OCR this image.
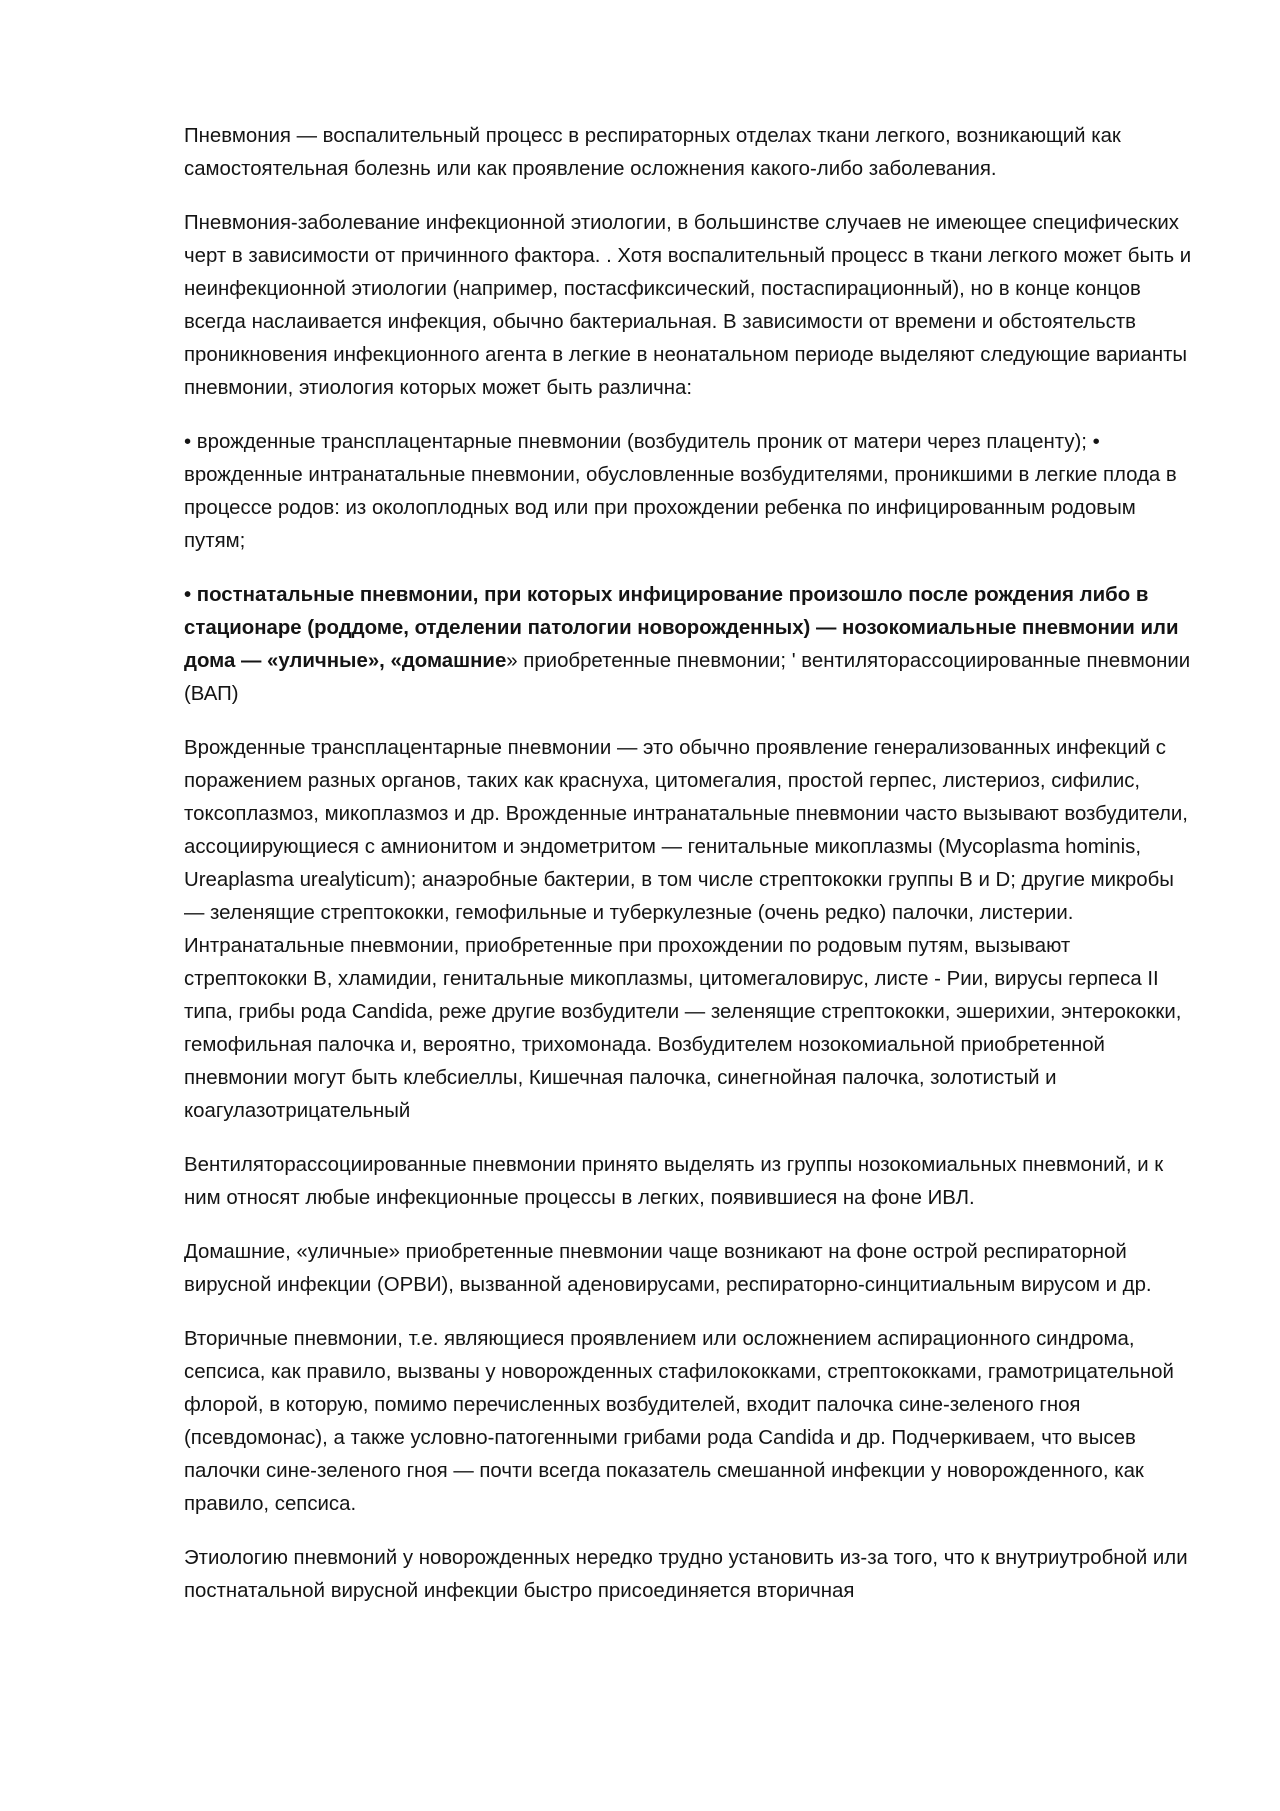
Пневмония — воспалительный процесс в респираторных отделах ткани легкого, возникающий как самостоятельная болезнь или как проявление осложнения какого-либо заболевания.

Пневмония-заболевание инфекционной этиологии, в большинстве случаев не имеющее специфических черт в зависимости от причинного фактора. . Хотя воспалительный процесс в ткани легкого может быть и неинфекционной этиологии (например, постасфиксический, постаспирационный), но в конце концов всегда наслаивается инфекция, обычно бактериальная. В зависимости от времени и обстоятельств проникновения инфекционного агента в легкие в неонатальном периоде выделяют следующие варианты пневмонии, этиология которых может быть различна:

• врожденные трансплацентарные пневмонии (возбудитель проник от матери через плаценту); • врожденные интранатальные пневмонии, обусловленные возбудителями, проникшими в легкие плода в процессе родов: из околоплодных вод или при прохождении ребенка по инфицированным родовым путям;

• постнатальные пневмонии, при которых инфицирование произошло после рождения либо в стационаре (роддоме, отделении патологии новорожденных) — нозокомиальные пневмонии или дома — «уличные», «домашние» приобретенные пневмонии; ' вентиляторассоциированные пневмонии (ВАП)

Врожденные трансплацентарные пневмонии — это обычно проявление генерализованных инфекций с поражением разных органов, таких как краснуха, цитомегалия, простой герпес, листериоз, сифилис, токсоплазмоз, микоплазмоз и др. Врожденные интранатальные пневмонии часто вызывают возбудители, ассоциирующиеся с амнионитом и эндометритом — генитальные микоплазмы (Mycoplasma hominis, Ureaplasma urealyticum); анаэробные бактерии, в том числе стрептококки группы В и D; другие микробы — зеленящие стрептококки, гемофильные и туберкулезные (очень редко) палочки, листерии. Интранатальные пневмонии, приобретенные при прохождении по родовым путям, вызывают стрептококки В, хламидии, генитальные микоплазмы, цитомегаловирус, листе - Рии, вирусы герпеса II типа, грибы рода Candida, реже другие возбудители — зеленящие стрептококки, эшерихии, энтерококки, гемофильная палочка и, вероятно, трихомонада. Возбудителем нозокомиальной приобретенной пневмонии могут быть клебсиеллы, Кишечная палочка, синегнойная палочка, золотистый и коагулазотрицательный

Вентиляторассоциированные пневмонии принято выделять из группы нозокомиальных пневмоний, и к ним относят любые инфекционные процессы в легких, появившиеся на фоне ИВЛ.

Домашние, «уличные» приобретенные пневмонии чаще возникают на фоне острой респираторной вирусной инфекции (ОРВИ), вызванной аденовирусами, респираторно-синцитиальным вирусом и др.

Вторичные пневмонии, т.е. являющиеся проявлением или осложнением аспирационного синдрома, сепсиса, как правило, вызваны у новорожденных стафилококками, стрептококками, грамотрицательной флорой, в которую, помимо перечисленных возбудителей, входит палочка сине-зеленого гноя (псевдомонас), а также условно-патогенными грибами рода Candida и др. Подчеркиваем, что высев палочки сине-зеленого гноя — почти всегда показатель смешанной инфекции у новорожденного, как правило, сепсиса.

Этиологию пневмоний у новорожденных нередко трудно установить из-за того, что к внутриутробной или постнатальной вирусной инфекции быстро присоединяется вторичная
